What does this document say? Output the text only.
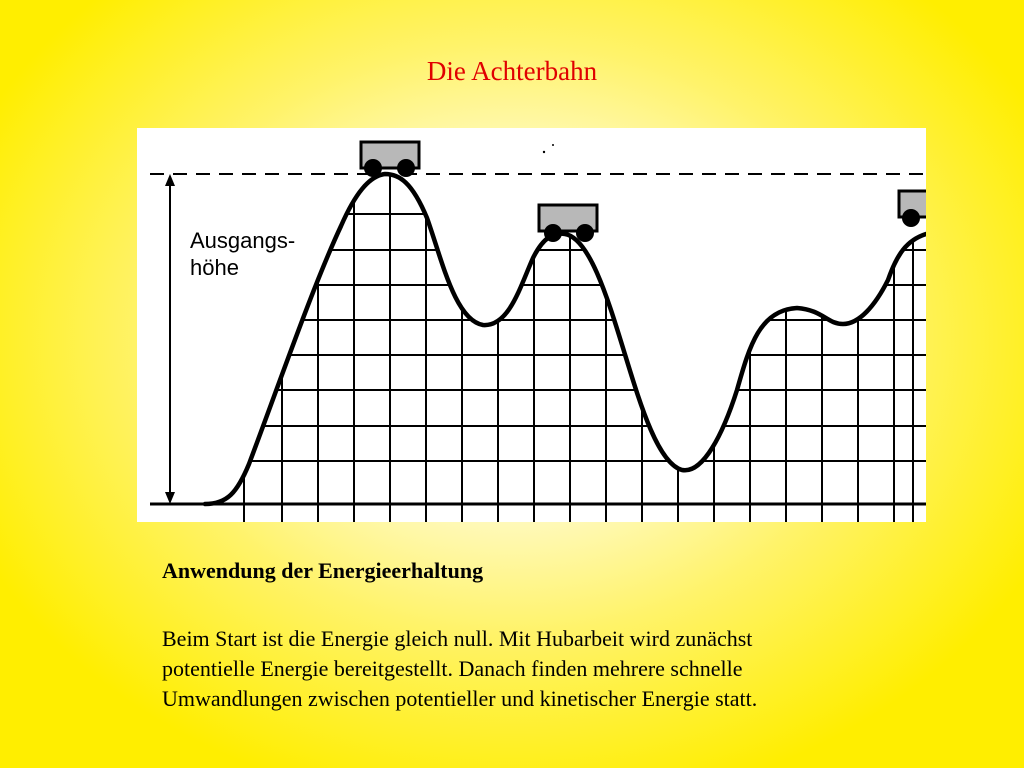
Die Achterbahn
Ausgangs-
höhe
Anwendung der Energieerhaltung
Beim Start ist die Energie gleich null. Mit Hubarbeit wird zunächst
potentielle Energie bereitgestellt. Danach finden mehrere schnelle
Umwandlungen zwischen potentieller und kinetischer Energie statt.
